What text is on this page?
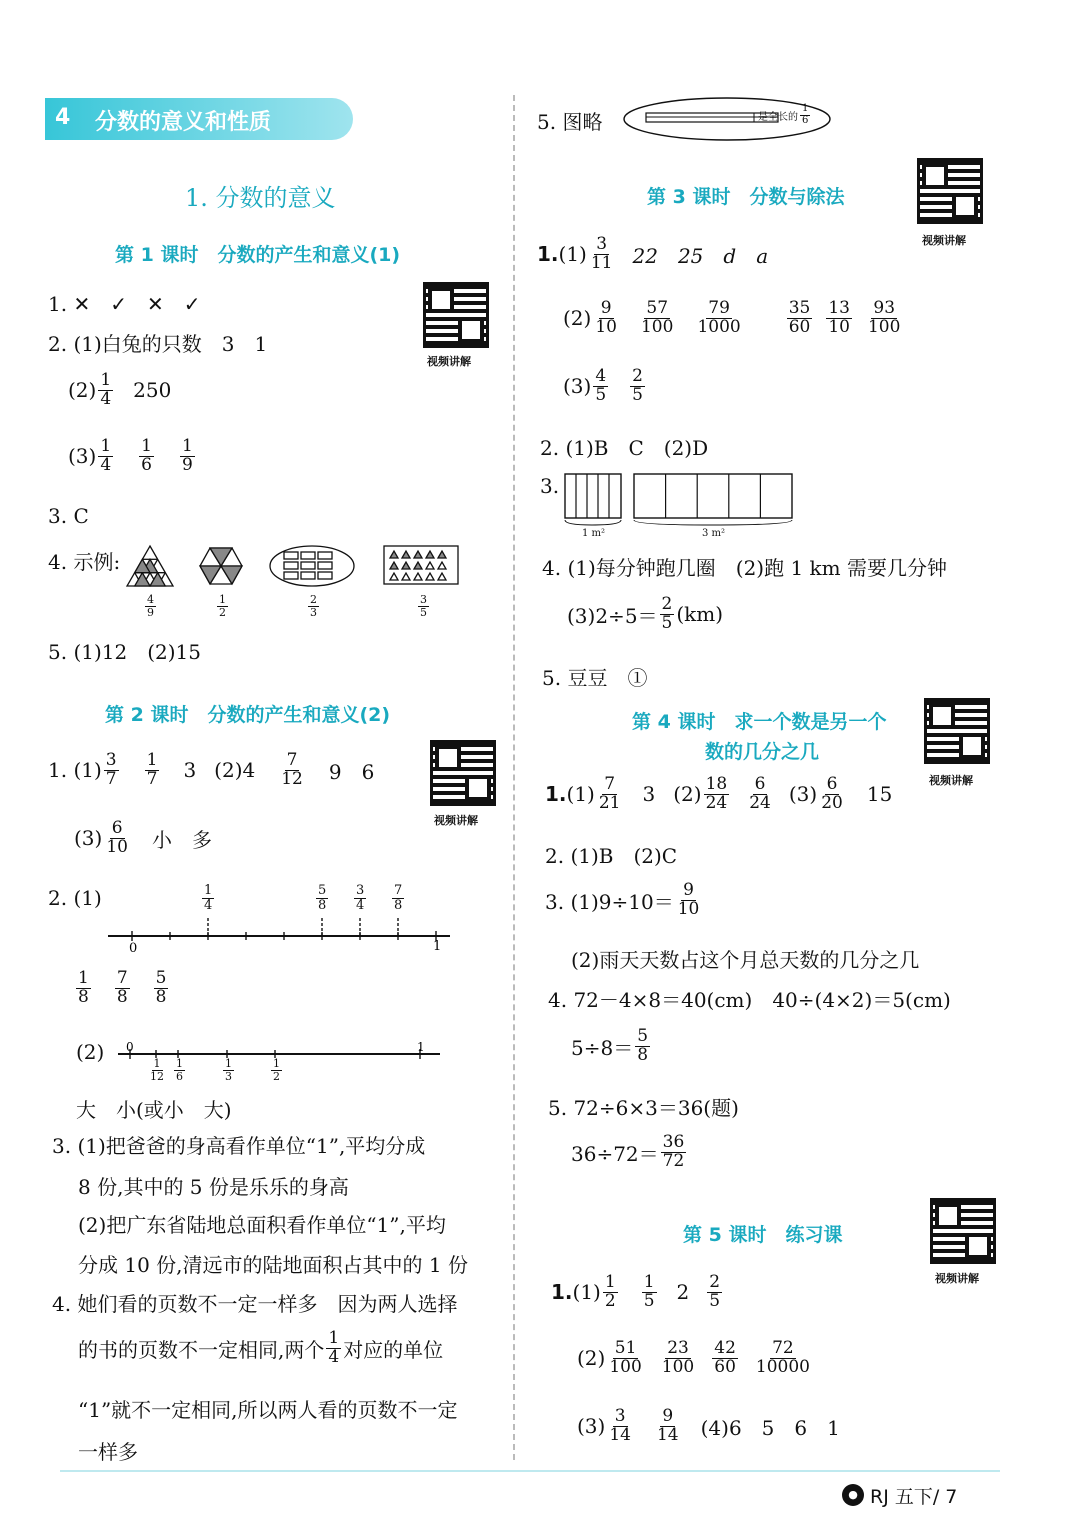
4 分数的意义和性质
1. 分数的意义
第 1 课时　分数的产生和意义(1)
视频讲解
1. ✕　✓　✕　✓
2. (1)白兔的只数　3　1
$(2) \frac{1}{4} 250$
$(3) \frac{1}{4} \frac{1}{6} \frac{1}{9}$
3. C
4. 示例:
$\frac{4}{9}$	$\frac{1}{2}$	$\frac{2}{3}$	$\frac{3}{5}$
5. (1)12　(2)15
第 2 课时　分数的产生和意义(2)
视频讲解
1. $(1) \frac{3}{7} \frac{1}{7} 3$ $(2)4 \frac{7}{12} 9$　6
$(3) \frac{6}{10}$ 小　多
2. (1)
0	1
$\frac{1}{4}$	$\frac{5}{8} \frac{3}{4} \frac{7}{8}$
$\frac{1}{8} \frac{7}{8} \frac{5}{8}$
(2) 0	1
$\frac{1}{12} \frac{1}{6}$	$\frac{1}{3}$	$\frac{1}{2}$
大　小(或小　大)
3. (1)把爸爸的身高看作单位“1”,平均分成
8 份,其中的 5 份是乐乐的身高
(2)把广东省陆地总面积看作单位“1”,平均
分成 10 份,清远市的陆地面积占其中的 1 份
4. 她们看的页数不一定一样多　因为两人选择
的书的页数不一定相同,两个 $\frac{1}{4}$ 对应的单位
“1”就不一定相同,所以两人看的页数不一定
一样多
5. 图略	是全长的 $\frac{1}{6}$
第 3 课时　分数与除法
视频讲解
1. $(1) \frac{3}{11} 22$　25　d　a
$(2) \frac{9}{10} \frac{57}{100} \frac{79}{1000}$	$\frac{35}{60} \frac{13}{10} \frac{93}{100}$
$(3) \frac{4}{5} \frac{2}{5}$
2. (1)B　C　(2)D
3.
1 m²	3 m²
4. (1)每分钟跑几圈　(2)跑 1 km 需要几分钟
$(3)2\div 5= \frac{2}{5} (km)$
5. 豆豆　①
第 4 课时　求一个数是另一个
数的几分之几
视频讲解
1. $(1) \frac{7}{21} 3$ $(2) \frac{18}{24} \frac{6}{24} (3) \frac{6}{20} 15$
2. (1)B　(2)C
3. $(1)9\div 10= \frac{9}{10}$
(2)雨天天数占这个月总天数的几分之几
4. 72－4×8＝40(cm)　40÷(4×2)＝5(cm)
$5\div 8= \frac{5}{8}$
5. 72÷6×3＝36(题)
$36\div 72= \frac{36}{72}$
第 5 课时　练习课
视频讲解
1. $(1) \frac{1}{2} \frac{1}{5} 2 \frac{2}{5}$
$(2) \frac{51}{100} \frac{23}{100} \frac{42}{60} \frac{72}{10000}$
$(3) \frac{3}{14} \frac{9}{14} (4)6$　5　6　1
● RJ 五下/ 7
